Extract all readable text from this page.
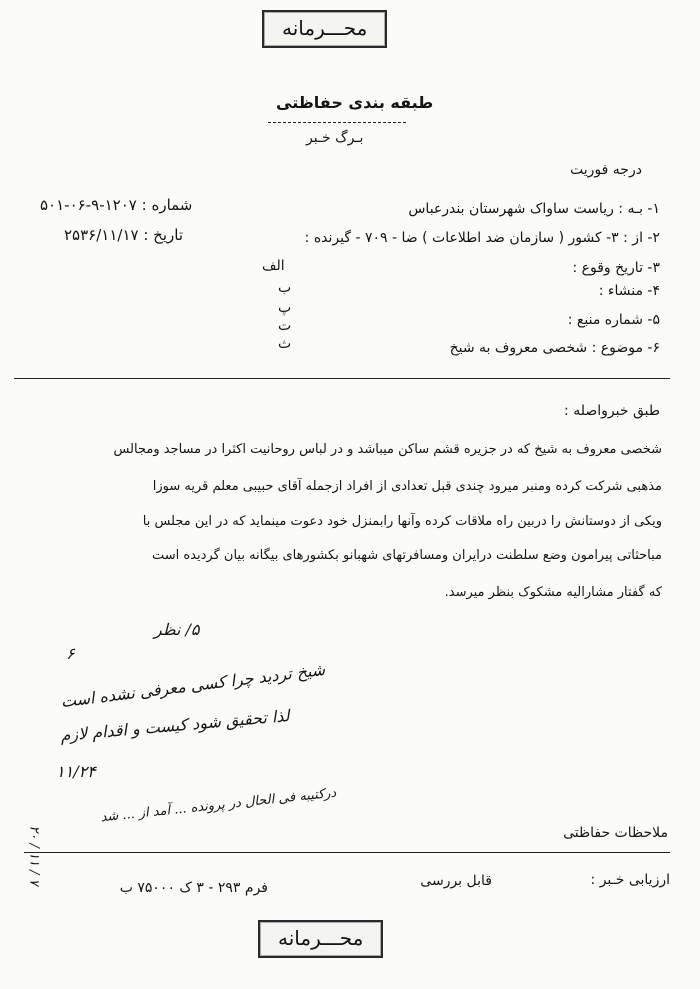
محـــرمانه
طبقه بندی حفاظتی
بـرگ خـبر
درجه فوریت
شماره : ۱۲۰۷-۹-۰۶-۵۰۱
تاریخ : ۲۵۳۶/۱۱/۱۷
۱- بـه : ریاست ساواک شهرستان بندرعباس
۲- از : ۳- کشور ( سازمان ضد اطلاعات ) ضا - ۷۰۹ - گیرنده :
۳- تاریخ وقوع :
۴- منشاء :
۵- شماره منبع :
۶- موضوع : شخصی معروف به شیخ
الف
ب
پ
ت
ث
طبق خبرواصله :
شخصی معروف به شیخ که در جزیره قشم ساکن میباشد و در لباس روحانیت اکثرا در مساجد ومجالس
مذهبی شرکت کرده ومنبر میرود چندی قبل تعدادی از افراد ازجمله آقای حبیبی معلم قریه سوزا
ویکی از دوستانش را دربین راه ملاقات کرده وآنها رابمنزل خود دعوت مینماید که در این مجلس با
مباحثاتی پیرامون وضع سلطنت درایران ومسافرتهای شهبانو بکشورهای بیگانه بیان گردیده است
که گفتار مشارالیه مشکوک بنظر میرسد.
۵/ نظر
۶
شیخ تردید چرا کسی معرفی نشده است
لذا تحقیق شود کیست و اقدام لازم
۱۱/۲۴
درکتیبه فی الحال در پرونده ... آمد از ... شد
۲۰ / ۱۱ / ۷	ملاحظات حفاظتی
ارزیابی خـبر :
قابل بررسی
فرم ۲۹۳ - ۳ ک ۷۵۰۰۰ ب
محـــرمانه
